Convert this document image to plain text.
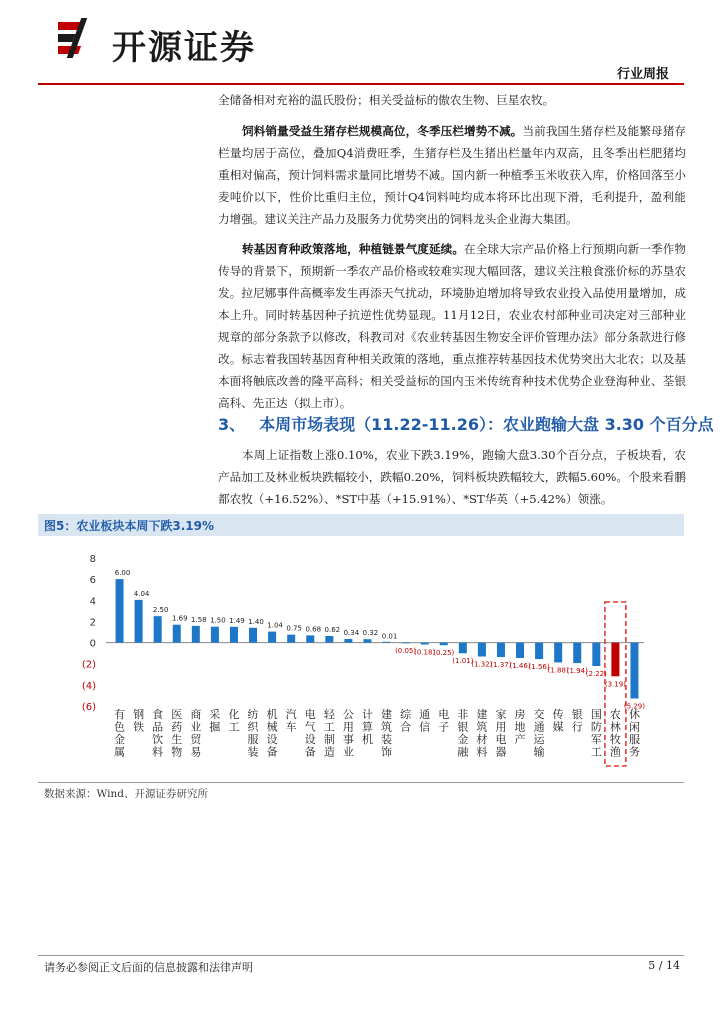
开源证券
行业周报
全储备相对充裕的温氏股份；相关受益标的傲农生物、巨星农牧。
饲料销量受益生猪存栏规模高位，冬季压栏增势不减。当前我国生猪存栏及能繁母猪存栏量均居于高位，叠加Q4消费旺季，生猪存栏及生猪出栏量年内双高，且冬季出栏肥猪均重相对偏高，预计饲料需求量同比增势不减。国内新一种植季玉米收获入库，价格回落至小麦吨价以下，性价比重归主位，预计Q4饲料吨均成本将环比出现下滑，毛利提升，盈利能力增强。建议关注产品力及服务力优势突出的饲料龙头企业海大集团。
转基因育种政策落地，种植链景气度延续。在全球大宗产品价格上行预期向新一季作物传导的背景下，预期新一季农产品价格或较难实现大幅回落，建议关注粮食涨价标的苏垦农发。拉尼娜事件高概率发生再添天气扰动，环境胁迫增加将导致农业投入品使用量增加，成本上升。同时转基因种子抗逆性优势显现。11月12日，农业农村部种业司决定对三部种业规章的部分条款予以修改，科教司对《农业转基因生物安全评价管理办法》部分条款进行修改。标志着我国转基因育种相关政策的落地，重点推荐转基因技术优势突出大北农；以及基本面将触底改善的隆平高科；相关受益标的国内玉米传统育种技术优势企业登海种业、荃银高科、先正达（拟上市）。
3、 本周市场表现（11.22-11.26）：农业跑输大盘 3.30 个百分点
本周上证指数上涨0.10%，农业下跌3.19%，跑输大盘3.30个百分点，子板块看，农产品加工及林业板块跌幅较小，跌幅0.20%，饲料板块跌幅较大，跌幅5.60%。个股来看鹏都农牧（+16.52%）、*ST中基（+15.91%）、*ST华英（+5.42%）领涨。
图5：农业板块本周下跌3.19%
8
6
4
2
0
(2)
(4)
(6)
6.00
有色金属
4.04
钢铁
2.50
食品饮料
1.69
医药生物
1.58
商业贸易
1.50
采掘
1.49
化工
1.40
纺织服装
1.04
机械设备
0.75
汽车
0.68
电气设备
0.62
轻工制造
0.34
公用事业
0.32
计算机
0.01
建筑装饰
(0.05)
综合
(0.18)
通信
(0.25)
电子
(1.01)
非银金融
(1.32)
建筑材料
(1.37)
家用电器
(1.46)
房地产
(1.56)
交通运输
(1.88)
传媒
(1.94)
银行
(2.22)
国防军工
(3.19)
农林牧渔
(5.29)
休闲服务
数据来源：Wind、开源证券研究所
请务必参阅正文后面的信息披露和法律声明	5 / 14
